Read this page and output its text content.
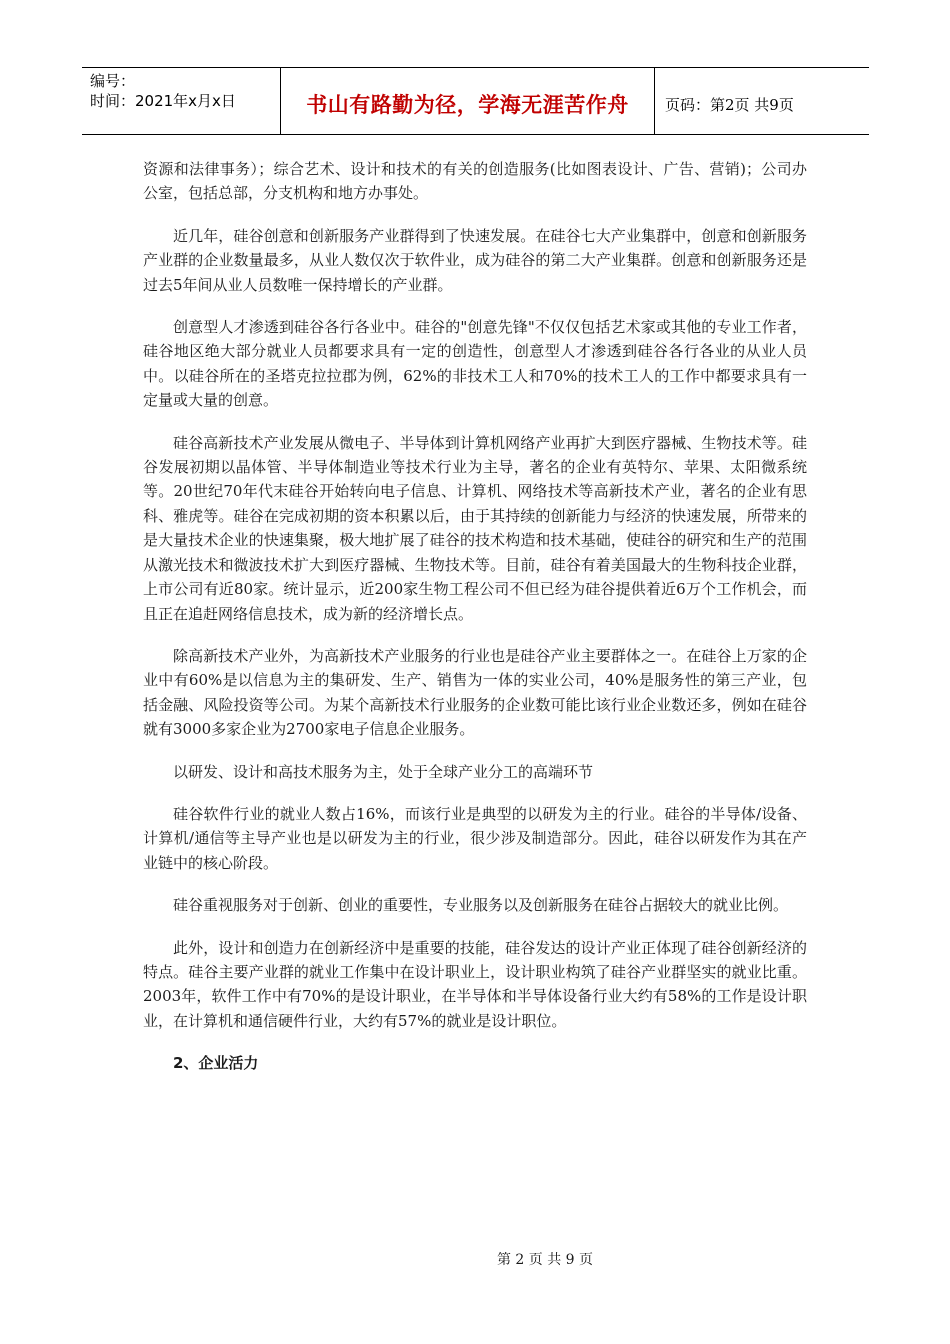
编号：
时间：2021年x月x日	书山有路勤为径，学海无涯苦作舟 页码：第2页 共9页

资源和法律事务）；综合艺术、设计和技术的有关的创造服务(比如图表设计、广告、营销)；公司办公室，包括总部，分支机构和地方办事处。

近几年，硅谷创意和创新服务产业群得到了快速发展。在硅谷七大产业集群中，创意和创新服务产业群的企业数量最多，从业人数仅次于软件业，成为硅谷的第二大产业集群。创意和创新服务还是过去5年间从业人员数唯一保持增长的产业群。

创意型人才渗透到硅谷各行各业中。硅谷的"创意先锋"不仅仅包括艺术家或其他的专业工作者，硅谷地区绝大部分就业人员都要求具有一定的创造性，创意型人才渗透到硅谷各行各业的从业人员中。以硅谷所在的圣塔克拉拉郡为例，62%的非技术工人和70%的技术工人的工作中都要求具有一定量或大量的创意。

硅谷高新技术产业发展从微电子、半导体到计算机网络产业再扩大到医疗器械、生物技术等。硅谷发展初期以晶体管、半导体制造业等技术行业为主导，著名的企业有英特尔、苹果、太阳微系统等。20世纪70年代末硅谷开始转向电子信息、计算机、网络技术等高新技术产业，著名的企业有思科、雅虎等。硅谷在完成初期的资本积累以后，由于其持续的创新能力与经济的快速发展，所带来的是大量技术企业的快速集聚，极大地扩展了硅谷的技术构造和技术基础，使硅谷的研究和生产的范围从激光技术和微波技术扩大到医疗器械、生物技术等。目前，硅谷有着美国最大的生物科技企业群，上市公司有近80家。统计显示，近200家生物工程公司不但已经为硅谷提供着近6万个工作机会，而且正在追赶网络信息技术，成为新的经济增长点。

除高新技术产业外，为高新技术产业服务的行业也是硅谷产业主要群体之一。在硅谷上万家的企业中有60%是以信息为主的集研发、生产、销售为一体的实业公司，40%是服务性的第三产业，包括金融、风险投资等公司。为某个高新技术行业服务的企业数可能比该行业企业数还多，例如在硅谷就有3000多家企业为2700家电子信息企业服务。

以研发、设计和高技术服务为主，处于全球产业分工的高端环节

硅谷软件行业的就业人数占16%，而该行业是典型的以研发为主的行业。硅谷的半导体/设备、计算机/通信等主导产业也是以研发为主的行业，很少涉及制造部分。因此，硅谷以研发作为其在产业链中的核心阶段。

硅谷重视服务对于创新、创业的重要性，专业服务以及创新服务在硅谷占据较大的就业比例。

此外，设计和创造力在创新经济中是重要的技能，硅谷发达的设计产业正体现了硅谷创新经济的特点。硅谷主要产业群的就业工作集中在设计职业上，设计职业构筑了硅谷产业群坚实的就业比重。2003年，软件工作中有70%的是设计职业，在半导体和半导体设备行业大约有58%的工作是设计职业，在计算机和通信硬件行业，大约有57%的就业是设计职位。

2、企业活力
第 2 页 共 9 页
